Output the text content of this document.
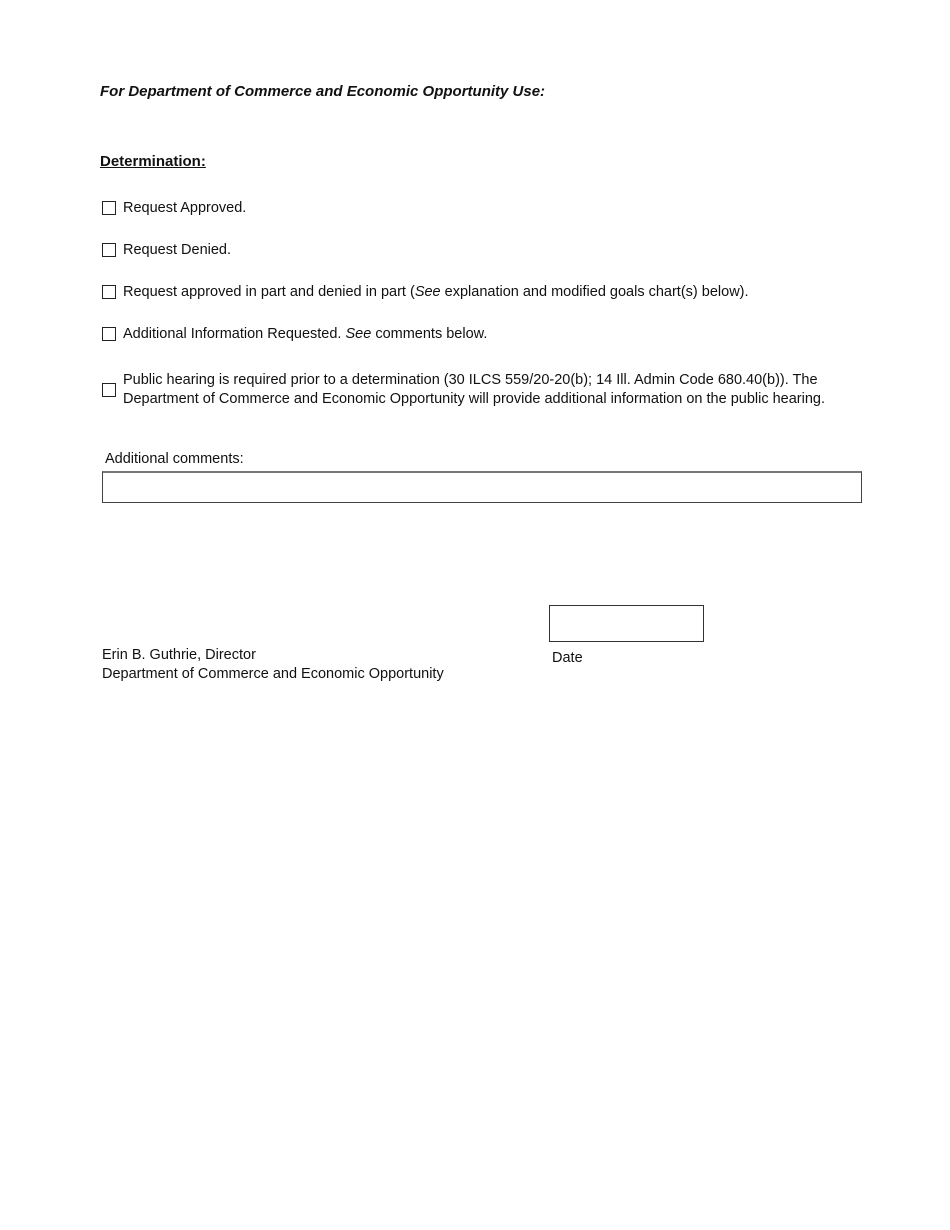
For Department of Commerce and Economic Opportunity Use:
Determination:
Request Approved.
Request Denied.
Request approved in part and denied in part (See explanation and modified goals chart(s) below).
Additional Information Requested. See comments below.
Public hearing is required prior to a determination (30 ILCS 559/20-20(b); 14 Ill. Admin Code 680.40(b)). The
Department of Commerce and Economic Opportunity will provide additional information on the public hearing.
Additional comments:
Date
Erin B. Guthrie, Director
Department of Commerce and Economic Opportunity
